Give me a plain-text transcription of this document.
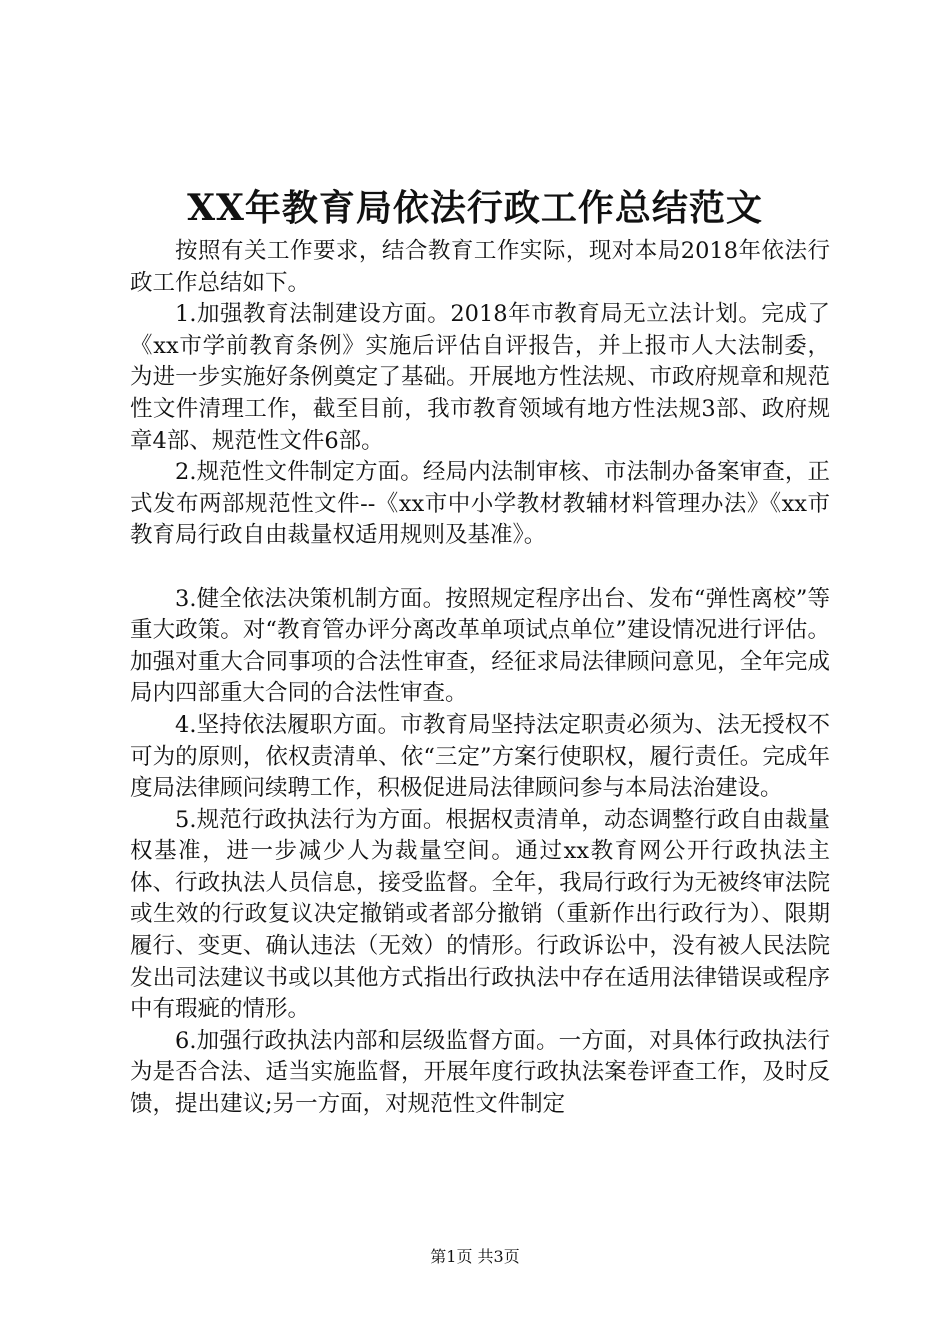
XX年教育局依法行政工作总结范文

按照有关工作要求，结合教育工作实际，现对本局2018年依法行政工作总结如下。

1.加强教育法制建设方面。2018年市教育局无立法计划。完成了《xx市学前教育条例》实施后评估自评报告，并上报市人大法制委，为进一步实施好条例奠定了基础。开展地方性法规、市政府规章和规范性文件清理工作，截至目前，我市教育领域有地方性法规3部、政府规章4部、规范性文件6部。

2.规范性文件制定方面。经局内法制审核、市法制办备案审查，正式发布两部规范性文件--《xx市中小学教材教辅材料管理办法》《xx市教育局行政自由裁量权适用规则及基准》。

3.健全依法决策机制方面。按照规定程序出台、发布“弹性离校”等重大政策。对“教育管办评分离改革单项试点单位”建设情况进行评估。加强对重大合同事项的合法性审查，经征求局法律顾问意见，全年完成局内四部重大合同的合法性审查。

4.坚持依法履职方面。市教育局坚持法定职责必须为、法无授权不可为的原则，依权责清单、依“三定”方案行使职权，履行责任。完成年度局法律顾问续聘工作，积极促进局法律顾问参与本局法治建设。

5.规范行政执法行为方面。根据权责清单，动态调整行政自由裁量权基准，进一步减少人为裁量空间。通过xx教育网公开行政执法主体、行政执法人员信息，接受监督。全年，我局行政行为无被终审法院或生效的行政复议决定撤销或者部分撤销（重新作出行政行为）、限期履行、变更、确认违法（无效）的情形。行政诉讼中，没有被人民法院发出司法建议书或以其他方式指出行政执法中存在适用法律错误或程序中有瑕疵的情形。

6.加强行政执法内部和层级监督方面。一方面，对具体行政执法行为是否合法、适当实施监督，开展年度行政执法案卷评查工作，及时反馈，提出建议;另一方面，对规范性文件制定

第1页 共3页
